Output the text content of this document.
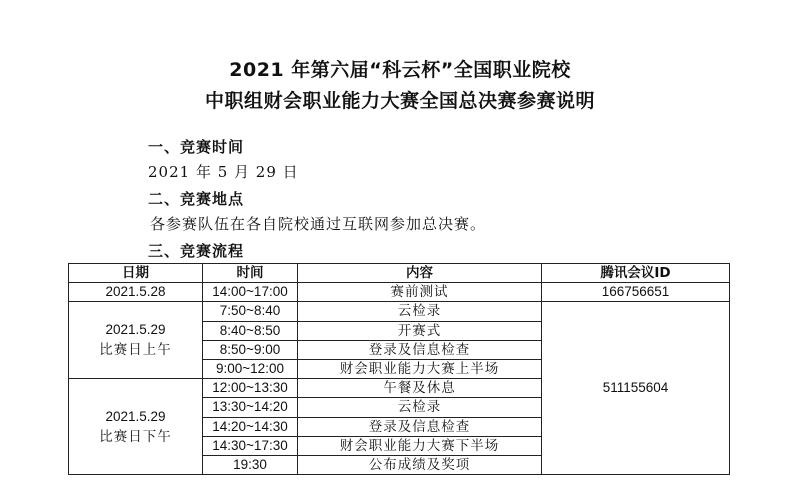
2021 年第六届“科云杯”全国职业院校
中职组财会职业能力大赛全国总决赛参赛说明
一、竞赛时间
2021 年 5 月 29 日
二、竞赛地点
各参赛队伍在各自院校通过互联网参加总决赛。
三、竞赛流程
日期	时间	内容	腾讯会议ID
2021.5.28	14:00~17:00	赛前测试	166756651

2021.5.29
比赛日上午	7:50~8:40	云检录	511155604
	8:40~8:50	开赛式	
	8:50~9:00	登录及信息检查	
	9:00~12:00	财会职业能力大赛上半场	

2021.5.29
比赛日下午	12:00~13:30	午餐及休息	
	13:30~14:20	云检录	
	14:20~14:30	登录及信息检查	
	14:30~17:30	财会职业能力大赛下半场	
	19:30	公布成绩及奖项	
